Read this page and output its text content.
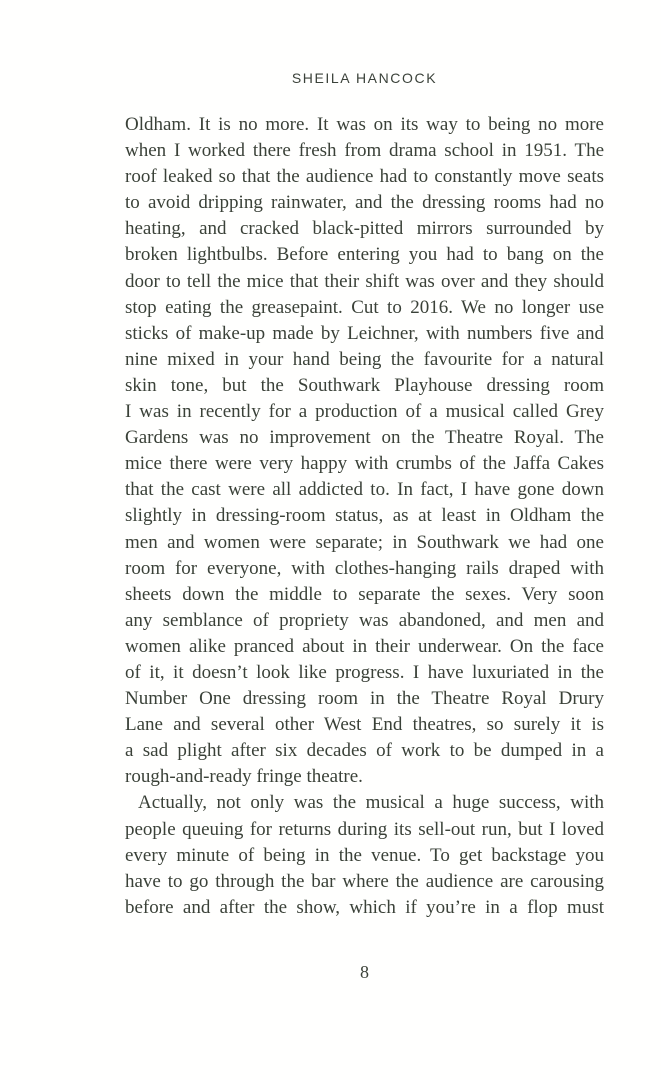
SHEILA HANCOCK
Oldham. It is no more. It was on its way to being no more
when I worked there fresh from drama school in 1951. The
roof leaked so that the audience had to constantly move seats
to avoid dripping rainwater, and the dressing rooms had no
heating, and cracked black-pitted mirrors surrounded by
broken lightbulbs. Before entering you had to bang on the
door to tell the mice that their shift was over and they should
stop eating the greasepaint. Cut to 2016. We no longer use
sticks of make-up made by Leichner, with numbers five and
nine mixed in your hand being the favourite for a natural
skin tone, but the Southwark Playhouse dressing room
I was in recently for a production of a musical called Grey
Gardens was no improvement on the Theatre Royal. The
mice there were very happy with crumbs of the Jaffa Cakes
that the cast were all addicted to. In fact, I have gone down
slightly in dressing-room status, as at least in Oldham the
men and women were separate; in Southwark we had one
room for everyone, with clothes-hanging rails draped with
sheets down the middle to separate the sexes. Very soon
any semblance of propriety was abandoned, and men and
women alike pranced about in their underwear. On the face
of it, it doesn’t look like progress. I have luxuriated in the
Number One dressing room in the Theatre Royal Drury
Lane and several other West End theatres, so surely it is
a sad plight after six decades of work to be dumped in a
rough-and-ready fringe theatre.
Actually, not only was the musical a huge success, with
people queuing for returns during its sell-out run, but I loved
every minute of being in the venue. To get backstage you
have to go through the bar where the audience are carousing
before and after the show, which if you’re in a flop must
8
